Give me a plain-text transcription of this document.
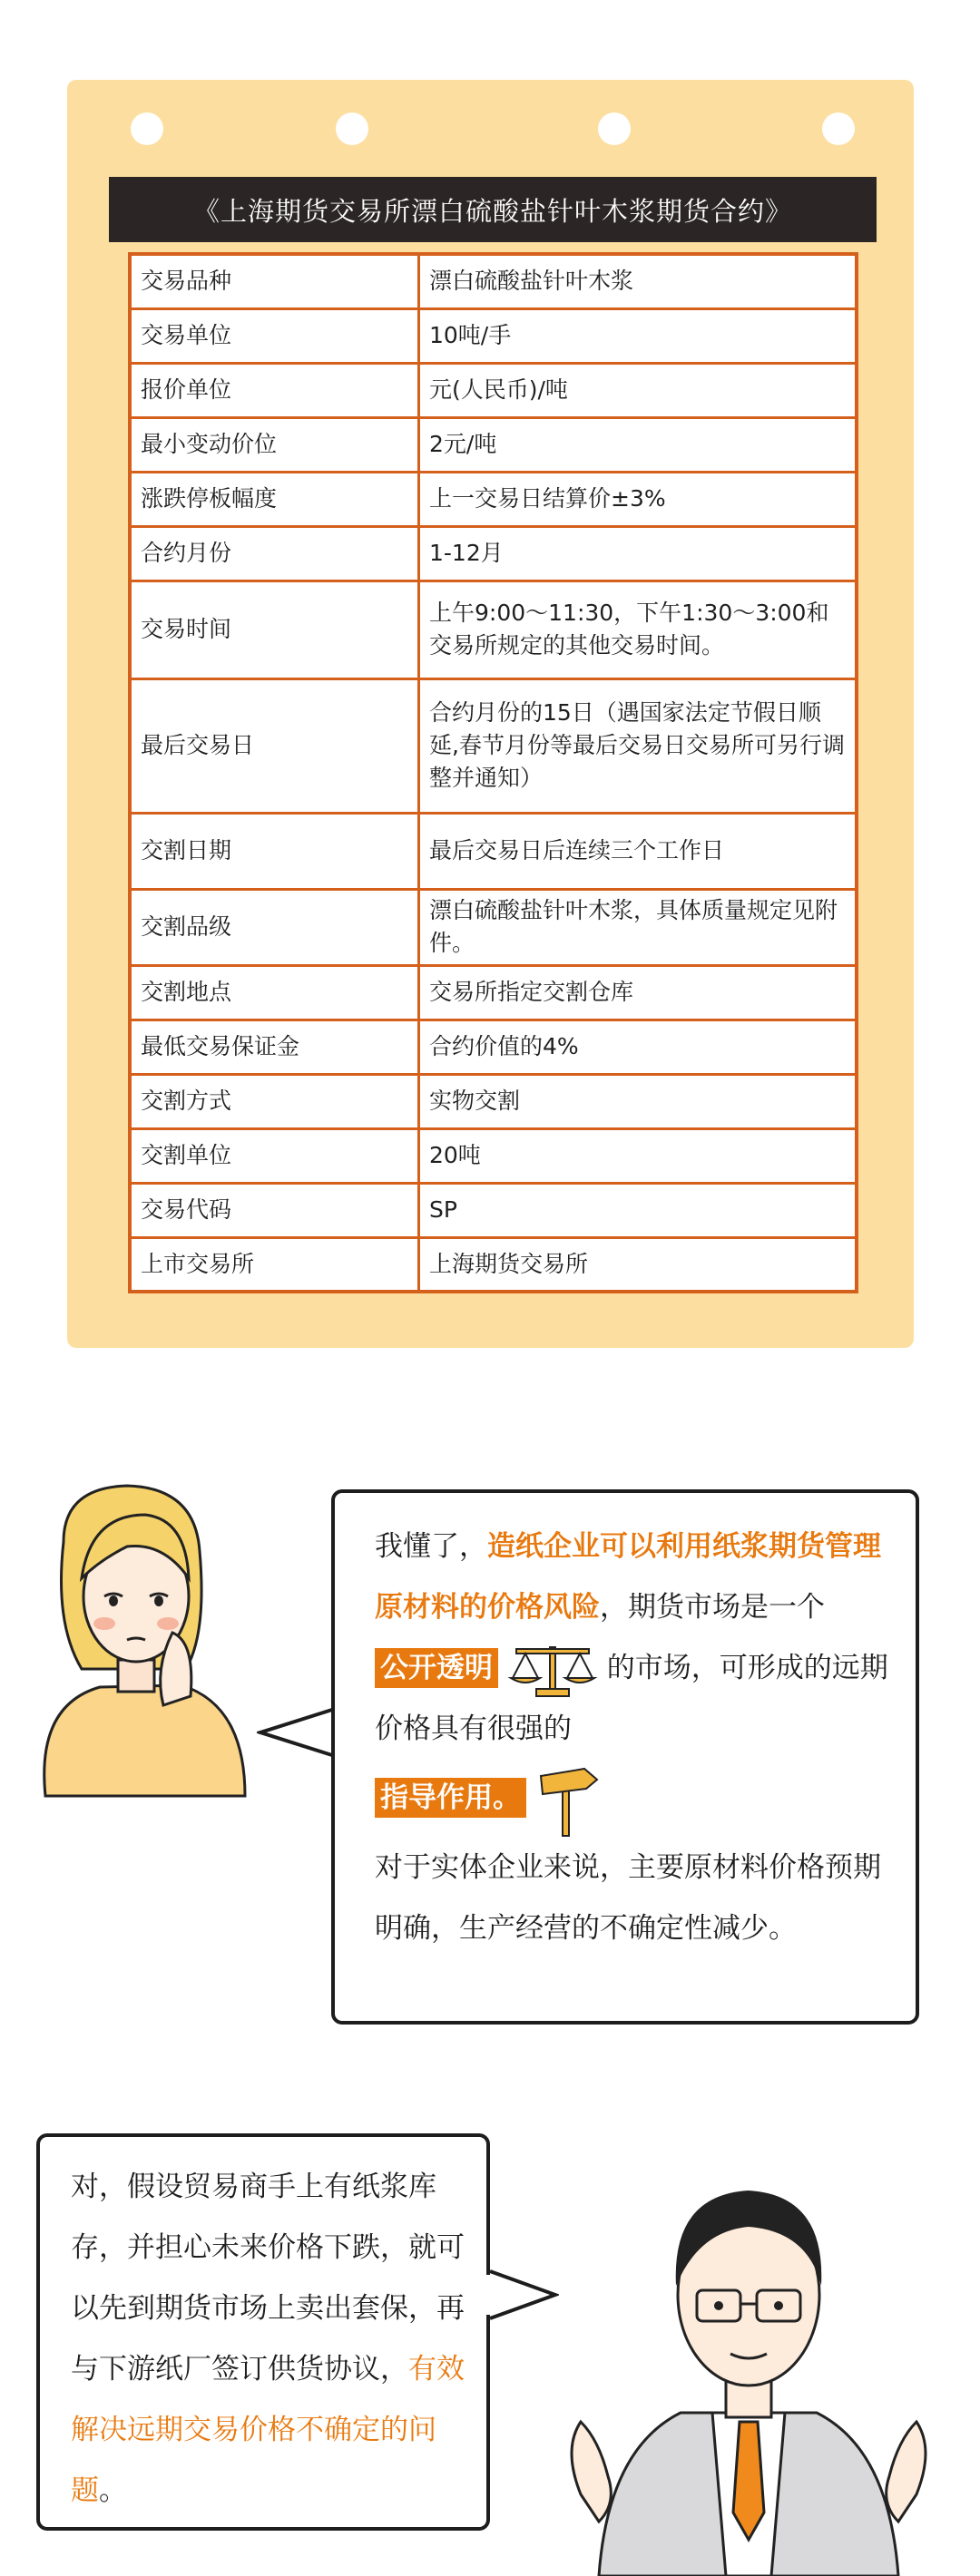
《上海期货交易所漂白硫酸盐针叶木浆期货合约》
交易品种	漂白硫酸盐针叶木浆
交易单位	10吨/手
报价单位	元(人民币)/吨
最小变动价位	2元/吨
涨跌停板幅度	上一交易日结算价±3%
合约月份	1-12月
交易时间	上午9:00～11:30，下午1:30～3:00和交易所规定的其他交易时间。
最后交易日	合约月份的15日（遇国家法定节假日顺延,春节月份等最后交易日交易所可另行调整并通知）
交割日期	最后交易日后连续三个工作日
交割品级	漂白硫酸盐针叶木浆，具体质量规定见附件。
交割地点	交易所指定交割仓库
最低交易保证金	合约价值的4%
交割方式	实物交割
交割单位	20吨
交易代码	SP
上市交易所	上海期货交易所
我懂了，造纸企业可以利用纸浆期货管理原材料的价格风险，期货市场是一个公开透明	的市场，可形成的远期价格具有很强的
指导作用。
对于实体企业来说，主要原材料价格预期明确，生产经营的不确定性减少。
对，假设贸易商手上有纸浆库存，并担心未来价格下跌，就可以先到期货市场上卖出套保，再与下游纸厂签订供货协议，有效解决远期交易价格不确定的问题。
